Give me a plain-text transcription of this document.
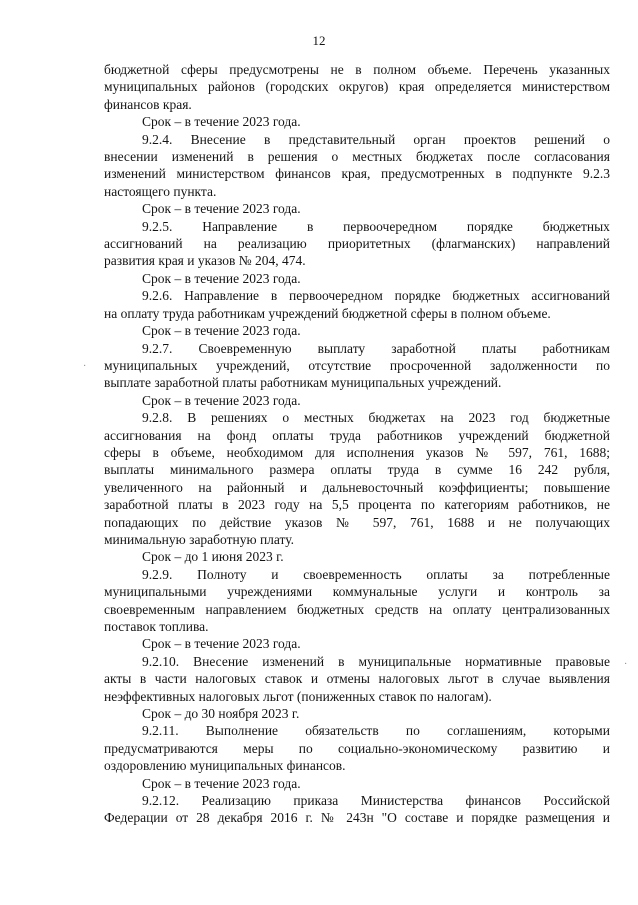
12

бюджетной сферы предусмотрены не в полном объеме. Перечень указанных

муниципальных районов (городских округов) края определяется министерством

финансов края.

Срок – в течение 2023 года.

9.2.4. Внесение в представительный орган проектов решений о

внесении изменений в решения о местных бюджетах после согласования

изменений министерством финансов края, предусмотренных в подпункте 9.2.3

настоящего пункта.

Срок – в течение 2023 года.

9.2.5. Направление в первоочередном порядке бюджетных

ассигнований на реализацию приоритетных (флагманских) направлений

развития края и указов № 204, 474.

Срок – в течение 2023 года.

9.2.6. Направление в первоочередном порядке бюджетных ассигнований

на оплату труда работникам учреждений бюджетной сферы в полном объеме.

Срок – в течение 2023 года.

9.2.7. Своевременную выплату заработной платы работникам

муниципальных учреждений, отсутствие просроченной задолженности по

выплате заработной платы работникам муниципальных учреждений.

Срок – в течение 2023 года.

9.2.8. В решениях о местных бюджетах на 2023 год бюджетные

ассигнования на фонд оплаты труда работников учреждений бюджетной

сферы в объеме, необходимом для исполнения указов № 597, 761, 1688;

выплаты минимального размера оплаты труда в сумме 16 242 рубля,

увеличенного на районный и дальневосточный коэффициенты; повышение

заработной платы в 2023 году на 5,5 процента по категориям работников, не

попадающих по действие указов № 597, 761, 1688 и не получающих

минимальную заработную плату.

Срок – до 1 июня 2023 г.

9.2.9. Полноту и своевременность оплаты за потребленные

муниципальными учреждениями коммунальные услуги и контроль за

своевременным направлением бюджетных средств на оплату централизованных

поставок топлива.

Срок – в течение 2023 года.

9.2.10. Внесение изменений в муниципальные нормативные правовые

акты в части налоговых ставок и отмены налоговых льгот в случае выявления

неэффективных налоговых льгот (пониженных ставок по налогам).

Срок – до 30 ноября 2023 г.

9.2.11. Выполнение обязательств по соглашениям, которыми

предусматриваются меры по социально-экономическому развитию и

оздоровлению муниципальных финансов.

Срок – в течение 2023 года.

9.2.12. Реализацию приказа Министерства финансов Российской

Федерации от 28 декабря 2016 г. № 243н "О составе и порядке размещения и

·
·
